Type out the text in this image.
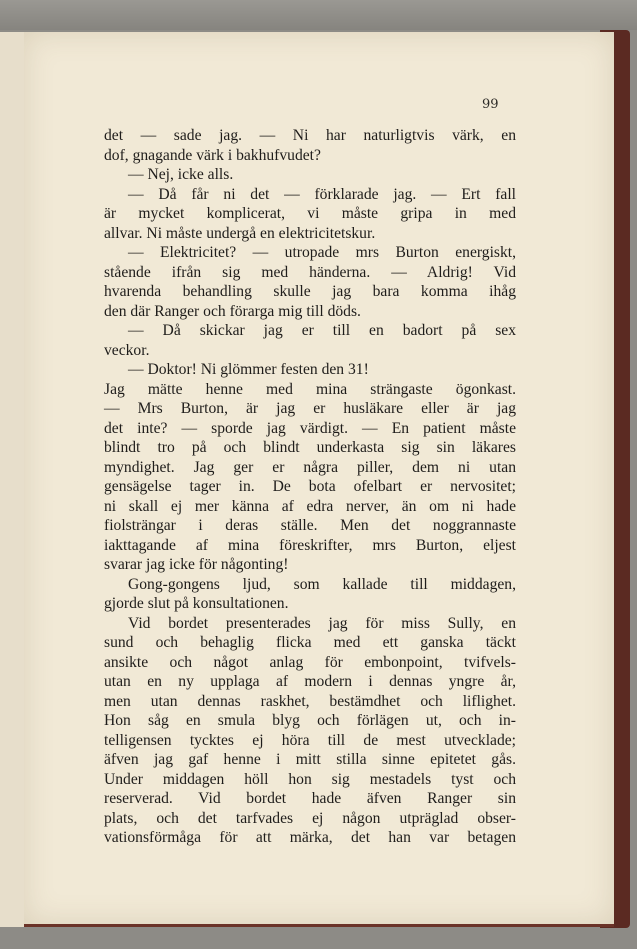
99
det — sade jag. — Ni har naturligtvis värk, en
dof, gnagande värk i bakhufvudet?
— Nej, icke alls.
— Då får ni det — förklarade jag. — Ert fall
är mycket komplicerat, vi måste gripa in med
allvar. Ni måste undergå en elektricitetskur.
— Elektricitet? — utropade mrs Burton energiskt,
stående ifrån sig med händerna. — Aldrig! Vid
hvarenda behandling skulle jag bara komma ihåg
den där Ranger och förarga mig till döds.
— Då skickar jag er till en badort på sex
veckor.
— Doktor! Ni glömmer festen den 31!
Jag mätte henne med mina strängaste ögonkast.
— Mrs Burton, är jag er husläkare eller är jag
det inte? — sporde jag värdigt. — En patient måste
blindt tro på och blindt underkasta sig sin läkares
myndighet. Jag ger er några piller, dem ni utan
gensägelse tager in. De bota ofelbart er nervositet;
ni skall ej mer känna af edra nerver, än om ni hade
fiolsträngar i deras ställe. Men det noggrannaste
iakttagande af mina föreskrifter, mrs Burton, eljest
svarar jag icke för någonting!
Gong-gongens ljud, som kallade till middagen,
gjorde slut på konsultationen.
Vid bordet presenterades jag för miss Sully, en
sund och behaglig flicka med ett ganska täckt
ansikte och något anlag för embonpoint, tvifvels-
utan en ny upplaga af modern i dennas yngre år,
men utan dennas raskhet, bestämdhet och liflighet.
Hon såg en smula blyg och förlägen ut, och in-
telligensen tycktes ej höra till de mest utvecklade;
äfven jag gaf henne i mitt stilla sinne epitetet gås.
Under middagen höll hon sig mestadels tyst och
reserverad. Vid bordet hade äfven Ranger sin
plats, och det tarfvades ej någon utpräglad obser-
vationsförmåga för att märka, det han var betagen
